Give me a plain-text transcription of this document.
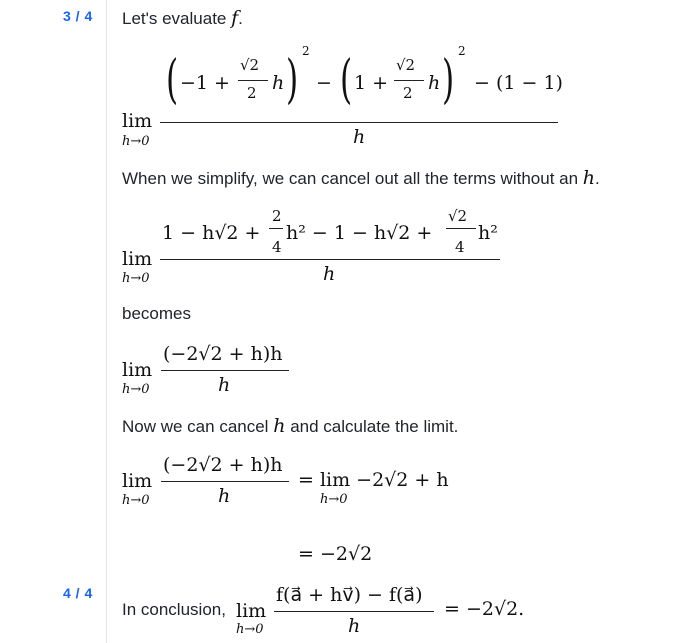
3 / 4 Let's evaluate f.
( −1 +
√2
2 h ) 2
− ( 1 +
√2
2 h ) 2
− (1 − 1)
h
lim
h→0
When we simplify, we can cancel out all the terms without an h.
1 − h√2 +
2
4
h² − 1 − h√2 +
√2
4
h²
h
lim
h→0
becomes
(−2√2 + h)h
h
lim
h→0
Now we can cancel h and calculate the limit.
(−2√2 + h)h
h
lim
h→0
= lim −2√2 + h
h→0
= −2√2
4 / 4
In conclusion, lim
h→0
f(a⃗ + hv⃗) − f(a⃗)
h
= −2√2.
